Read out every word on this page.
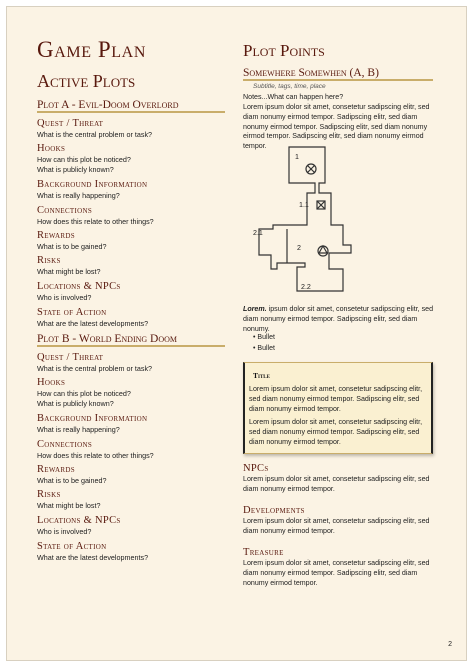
Game Plan
Active Plots
Plot A - Evil-Doom Overlord
Quest / Threat
What is the central problem or task?
Hooks
How can this plot be noticed?
What is publicly known?
Background Information
What is really happening?
Connections
How does this relate to other things?
Rewards
What is to be gained?
Risks
What might be lost?
Locations & NPCs
Who is involved?
State of Action
What are the latest developments?
Plot B - World Ending Doom
Quest / Threat
What is the central problem or task?
Hooks
How can this plot be noticed?
What is publicly known?
Background Information
What is really happening?
Connections
How does this relate to other things?
Rewards
What is to be gained?
Risks
What might be lost?
Locations & NPCs
Who is involved?
State of Action
What are the latest developments?
Plot Points
Somewhere Somewhen (A, B)
Subtitle, tags, time, place
Notes...What can happen here?
Lorem ipsum dolor sit amet, consetetur sadipscing elitr, sed diam nonumy eirmod tempor. Sadipscing elitr, sed diam nonumy eirmod tempor. Sadipscing elitr, sed diam nonumy eirmod tempor. Sadipscing elitr, sed diam nonumy eirmod tempor.
1
1.1
2.1
2
2.2
Lorem. ipsum dolor sit amet, consetetur sadipscing elitr, sed diam nonumy eirmod tempor. Sadipscing elitr, sed diam nonumy.
• Bullet
• Bullet
Title
Lorem ipsum dolor sit amet, consetetur sadipscing elitr, sed diam nonumy eirmod tempor. Sadipscing elitr, sed diam nonumy eirmod tempor.
Lorem ipsum dolor sit amet, consetetur sadipscing elitr, sed diam nonumy eirmod tempor. Sadipscing elitr, sed diam nonumy eirmod tempor.
NPCs
Lorem ipsum dolor sit amet, consetetur sadipscing elitr, sed diam nonumy eirmod tempor.
Developments
Lorem ipsum dolor sit amet, consetetur sadipscing elitr, sed diam nonumy eirmod tempor.
Treasure
Lorem ipsum dolor sit amet, consetetur sadipscing elitr, sed diam nonumy eirmod tempor. Sadipscing elitr, sed diam nonumy eirmod tempor.
2
